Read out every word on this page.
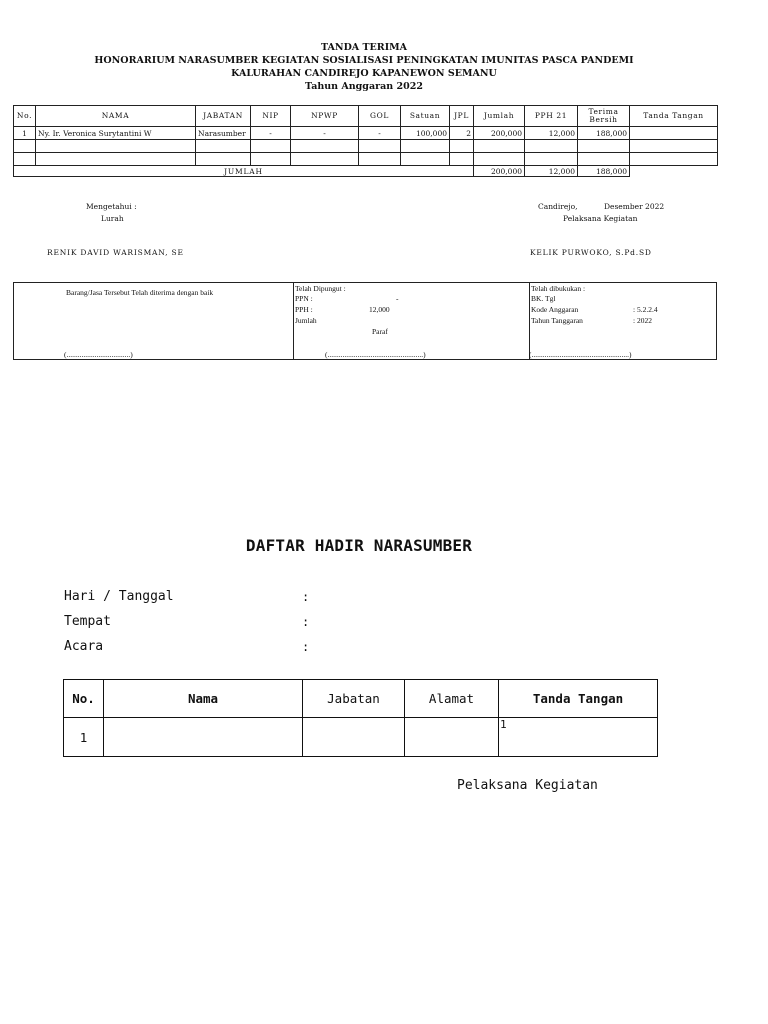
TANDA TERIMA
HONORARIUM NARASUMBER KEGIATAN SOSIALISASI PENINGKATAN IMUNITAS PASCA PANDEMI
KALURAHAN CANDIREJO KAPANEWON SEMANU
Tahun Anggaran 2022
No.	NAMA	JABATAN	NIP	NPWP	GOL	Satuan	JPL	Jumlah	PPH 21	Terima Bersih	Tanda Tangan
1	Ny. Ir. Veronica Surytantini W	Narasumber	-	-	-	100,000	2	200,000	12,000	188,000	

JUMLAH								200,000	12,000	188,000	
Mengetahui :
Lurah
RENIK DAVID WARISMAN, SE
Candirejo,	Desember 2022
Pelaksana Kegiatan
KELIK PURWOKO, S.Pd.SD
Barang/Jasa Tersebut Telah diterima dengan baik
(..................................)
Telah Dipungut :
PPN :	-
PPH :	12,000
Jumlah
Paraf
(...................................................)
Telah dibukukan :
BK. Tgl
Kode Anggaran	: 5.2.2.4
Tahun Tanggaran	: 2022
(....................................................)
DAFTAR HADIR NARASUMBER
Hari / Tanggal	:
Tempat	:
Acara	:
No.	Nama	Jabatan	Alamat	Tanda Tangan
1				1
Pelaksana Kegiatan
